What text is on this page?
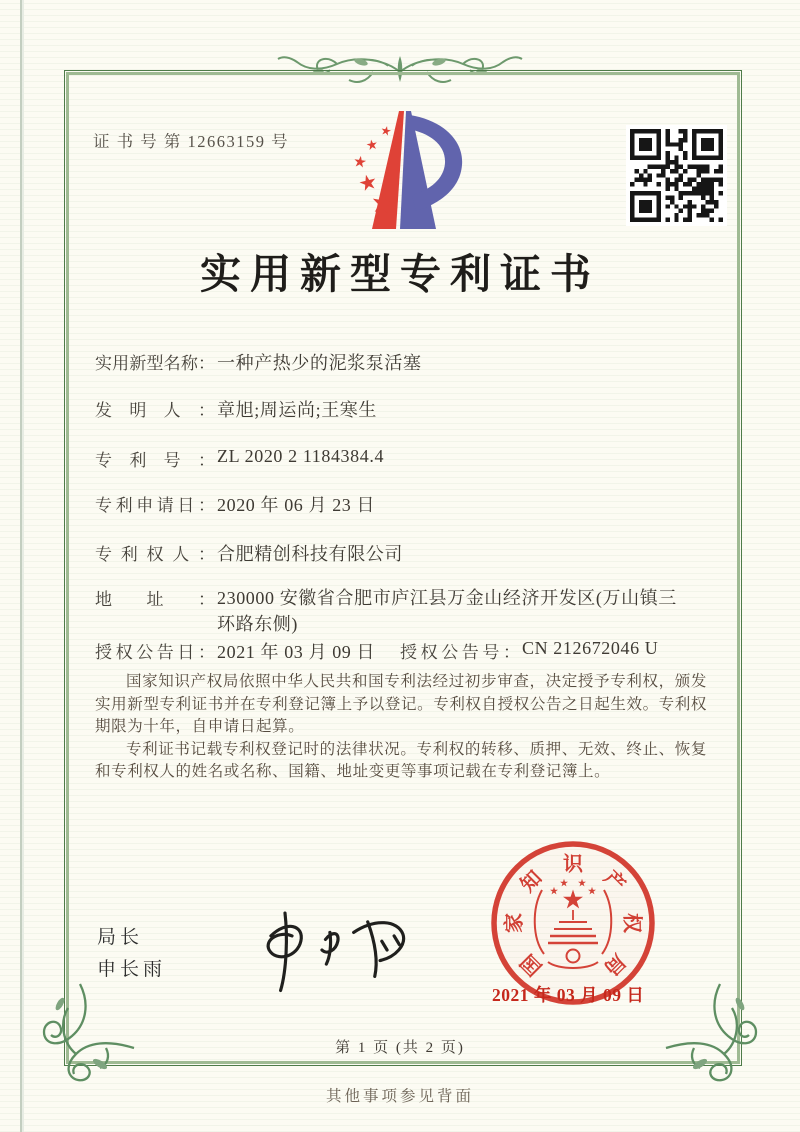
证 书 号 第 12663159 号
实用新型专利证书
实用新型名称： 一种产热少的泥浆泵活塞
发明人： 章旭;周运尚;王寒生
专利号： ZL 2020 2 1184384.4
专利申请日： 2020 年 06 月 23 日
专利权人： 合肥精创科技有限公司
地址： 230000 安徽省合肥市庐江县万金山经济开发区(万山镇三环路东侧)
授权公告日： 2021 年 03 月 09 日 授权公告号： CN 212672046 U

国家知识产权局依照中华人民共和国专利法经过初步审查，决定授予专利权，颁发实用新型专利证书并在专利登记簿上予以登记。专利权自授权公告之日起生效。专利权期限为十年，自申请日起算。

专利证书记载专利权登记时的法律状况。专利权的转移、质押、无效、终止、恢复和专利权人的姓名或名称、国籍、地址变更等事项记载在专利登记簿上。

局长
申长雨	国
家
知
识
产
权
局
2021 年 03 月 09 日
第 1 页 (共 2 页)
其他事项参见背面
